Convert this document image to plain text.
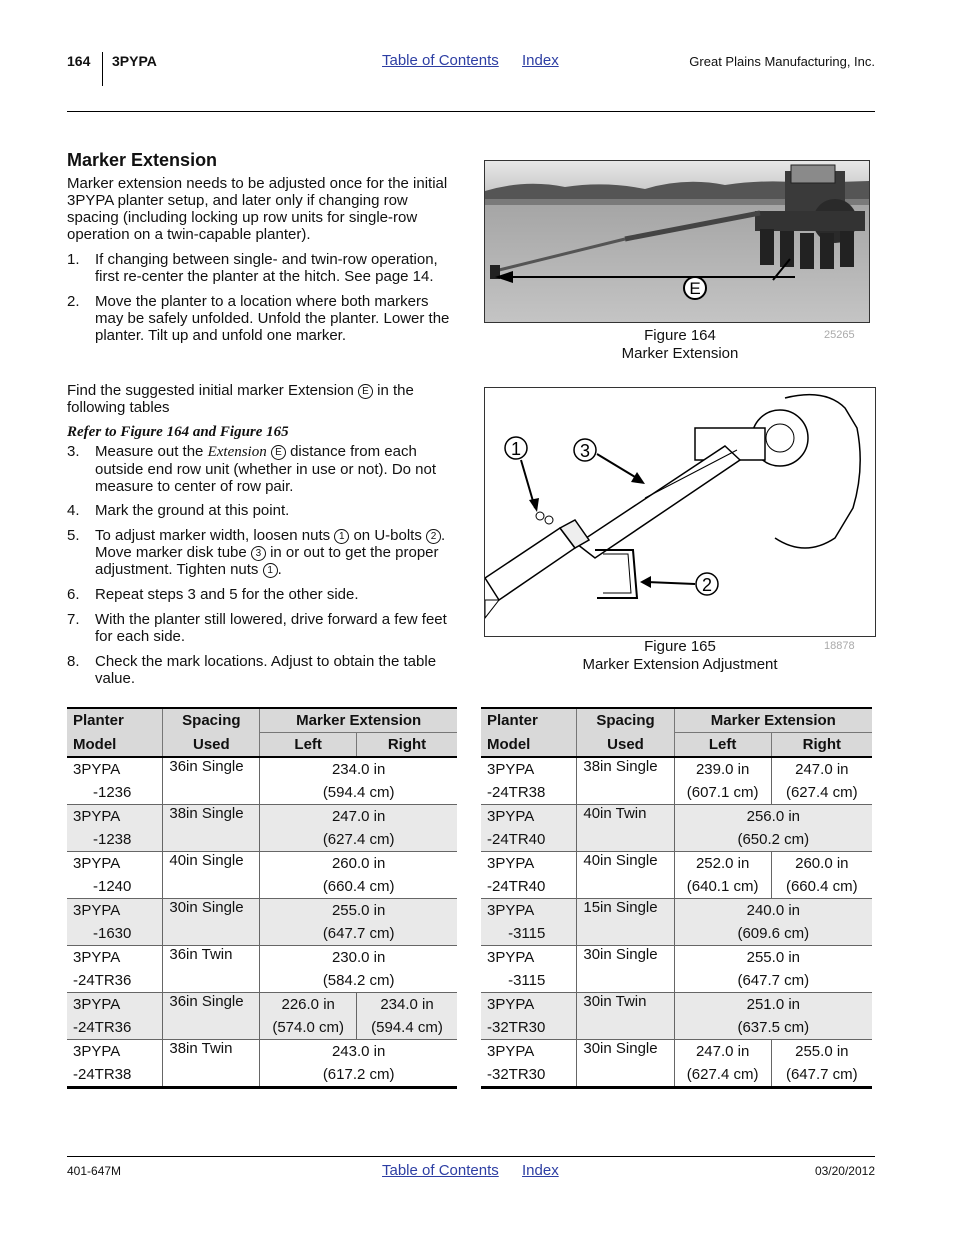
164 3PYPA	Table of Contents Index	Great Plains Manufacturing, Inc.
Marker Extension
Marker extension needs to be adjusted once for the initial 3PYPA planter setup, and later only if changing row spacing (including locking up row units for single-row operation on a twin-capable planter).
1. If changing between single- and twin-row operation, first re-center the planter at the hitch. See page 14.
2. Move the planter to a location where both markers may be safely unfolded. Unfold the planter. Lower the planter. Tilt up and unfold one marker.
Find the suggested initial marker Extension E in the following tables
Refer to Figure 164 and Figure 165
3. Measure out the Extension E distance from each outside end row unit (whether in use or not). Do not measure to center of row pair.
4. Mark the ground at this point.
5. To adjust marker width, loosen nuts 1 on U-bolts 2 . Move marker disk tube 3 in or out to get the proper adjustment. Tighten nuts 1 .
6. Repeat steps 3 and 5 for the other side.
7. With the planter still lowered, drive forward a few feet for each side.
8. Check the mark locations. Adjust to obtain the table value.
E
Figure 164
Marker Extension
25265
1	3
2
Figure 165
Marker Extension Adjustment
18878
Planter	Spacing	Marker Extension	
Model	Used	Left	Right
3PYPA	36in Single	234.0 in	
-1236		(594.4 cm)	
3PYPA	38in Single	247.0 in	
-1238		(627.4 cm)	
3PYPA	40in Single	260.0 in	
-1240		(660.4 cm)	
3PYPA	30in Single	255.0 in	
-1630		(647.7 cm)	
3PYPA	36in Twin	230.0 in	
-24TR36		(584.2 cm)	
3PYPA	36in Single	226.0 in	234.0 in
-24TR36		(574.0 cm)	(594.4 cm)
3PYPA	38in Twin	243.0 in	
-24TR38		(617.2 cm)	
Planter	Spacing	Marker Extension	
Model	Used	Left	Right
3PYPA	38in Single	239.0 in	247.0 in
-24TR38		(607.1 cm)	(627.4 cm)
3PYPA	40in Twin	256.0 in	
-24TR40		(650.2 cm)	
3PYPA	40in Single	252.0 in	260.0 in
-24TR40		(640.1 cm)	(660.4 cm)
3PYPA	15in Single	240.0 in	
-3115		(609.6 cm)	
3PYPA	30in Single	255.0 in	
-3115		(647.7 cm)	
3PYPA	30in Twin	251.0 in	
-32TR30		(637.5 cm)	
3PYPA	30in Single	247.0 in	255.0 in
-32TR30		(627.4 cm)	(647.7 cm)
401-647M	Table of Contents Index	03/20/2012
